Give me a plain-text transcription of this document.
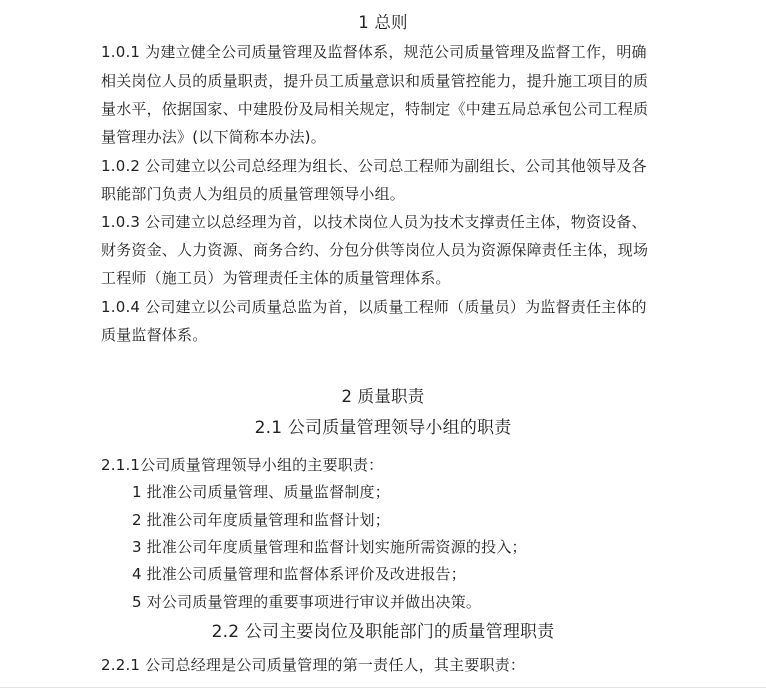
1 总则
1.0.1 为建立健全公司质量管理及监督体系，规范公司质量管理及监督工作，明确
相关岗位人员的质量职责，提升员工质量意识和质量管控能力，提升施工项目的质
量水平，依据国家、中建股份及局相关规定，特制定《中建五局总承包公司工程质
量管理办法》(以下简称本办法)。
1.0.2 公司建立以公司总经理为组长、公司总工程师为副组长、公司其他领导及各
职能部门负责人为组员的质量管理领导小组。
1.0.3 公司建立以总经理为首，以技术岗位人员为技术支撑责任主体，物资设备、
财务资金、人力资源、商务合约、分包分供等岗位人员为资源保障责任主体，现场
工程师（施工员）为管理责任主体的质量管理体系。
1.0.4 公司建立以公司质量总监为首，以质量工程师（质量员）为监督责任主体的
质量监督体系。
2 质量职责
2.1 公司质量管理领导小组的职责
2.1.1公司质量管理领导小组的主要职责：
1 批准公司质量管理、质量监督制度；
2 批准公司年度质量管理和监督计划；
3 批准公司年度质量管理和监督计划实施所需资源的投入；
4 批准公司质量管理和监督体系评价及改进报告；
5 对公司质量管理的重要事项进行审议并做出决策。
2.2 公司主要岗位及职能部门的质量管理职责
2.2.1 公司总经理是公司质量管理的第一责任人，其主要职责：
